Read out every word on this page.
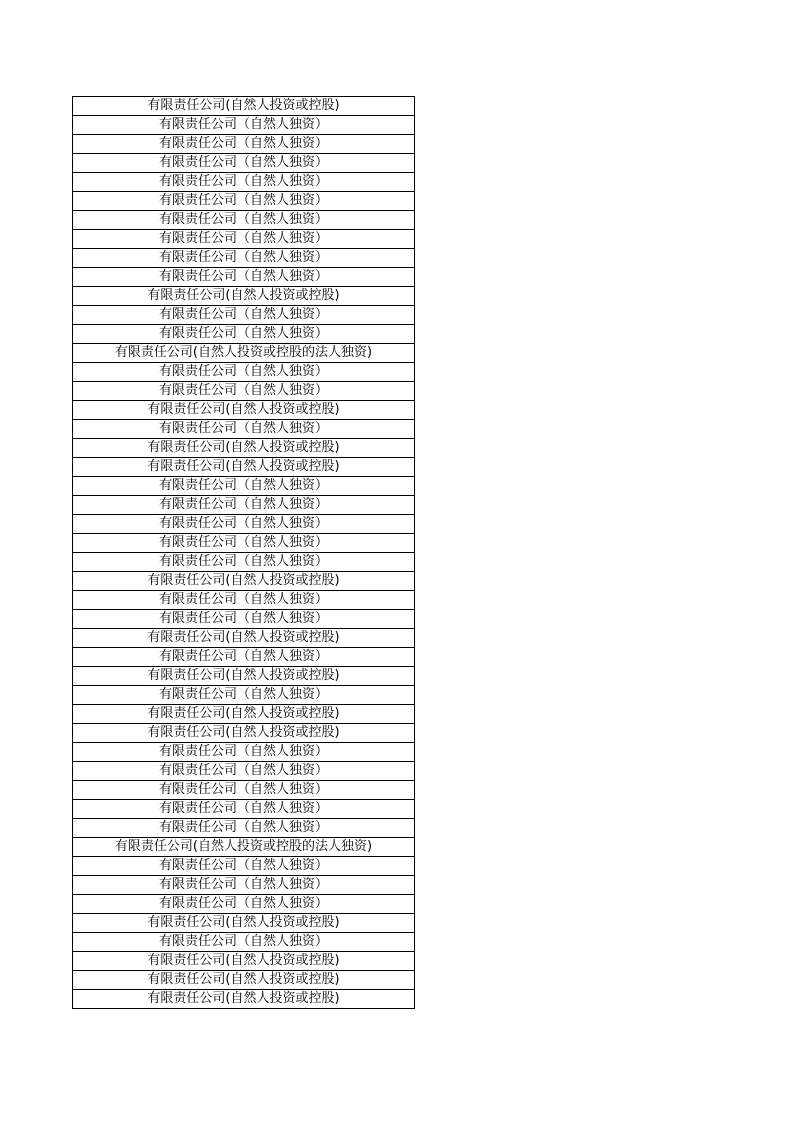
有限责任公司(自然人投资或控股)
有限责任公司（自然人独资）
有限责任公司（自然人独资）
有限责任公司（自然人独资）
有限责任公司（自然人独资）
有限责任公司（自然人独资）
有限责任公司（自然人独资）
有限责任公司（自然人独资）
有限责任公司（自然人独资）
有限责任公司（自然人独资）
有限责任公司(自然人投资或控股)
有限责任公司（自然人独资）
有限责任公司（自然人独资）
有限责任公司(自然人投资或控股的法人独资)
有限责任公司（自然人独资）
有限责任公司（自然人独资）
有限责任公司(自然人投资或控股)
有限责任公司（自然人独资）
有限责任公司(自然人投资或控股)
有限责任公司(自然人投资或控股)
有限责任公司（自然人独资）
有限责任公司（自然人独资）
有限责任公司（自然人独资）
有限责任公司（自然人独资）
有限责任公司（自然人独资）
有限责任公司(自然人投资或控股)
有限责任公司（自然人独资）
有限责任公司（自然人独资）
有限责任公司(自然人投资或控股)
有限责任公司（自然人独资）
有限责任公司(自然人投资或控股)
有限责任公司（自然人独资）
有限责任公司(自然人投资或控股)
有限责任公司(自然人投资或控股)
有限责任公司（自然人独资）
有限责任公司（自然人独资）
有限责任公司（自然人独资）
有限责任公司（自然人独资）
有限责任公司（自然人独资）
有限责任公司(自然人投资或控股的法人独资)
有限责任公司（自然人独资）
有限责任公司（自然人独资）
有限责任公司（自然人独资）
有限责任公司(自然人投资或控股)
有限责任公司（自然人独资）
有限责任公司(自然人投资或控股)
有限责任公司(自然人投资或控股)
有限责任公司(自然人投资或控股)
